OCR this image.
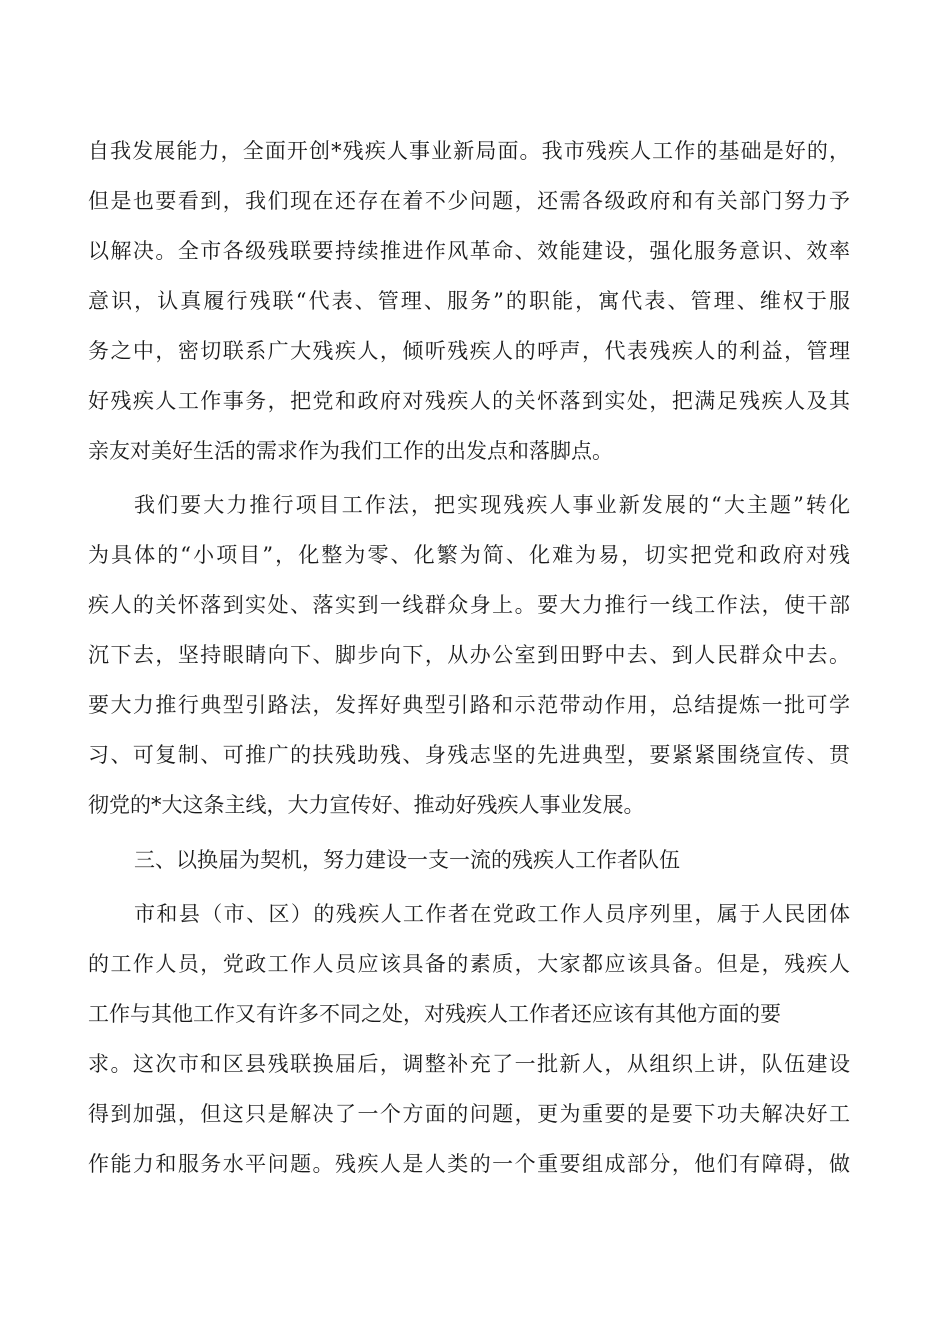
自我发展能力，全面开创*残疾人事业新局面。我市残疾人工作的基础是好的，
但是也要看到，我们现在还存在着不少问题，还需各级政府和有关部门努力予
以解决。全市各级残联要持续推进作风革命、效能建设，强化服务意识、效率
意识，认真履行残联“代表、管理、服务”的职能，寓代表、管理、维权于服
务之中，密切联系广大残疾人，倾听残疾人的呼声，代表残疾人的利益，管理
好残疾人工作事务，把党和政府对残疾人的关怀落到实处，把满足残疾人及其
亲友对美好生活的需求作为我们工作的出发点和落脚点。
我们要大力推行项目工作法，把实现残疾人事业新发展的“大主题”转化
为具体的“小项目”，化整为零、化繁为简、化难为易，切实把党和政府对残
疾人的关怀落到实处、落实到一线群众身上。要大力推行一线工作法，使干部
沉下去，坚持眼睛向下、脚步向下，从办公室到田野中去、到人民群众中去。
要大力推行典型引路法，发挥好典型引路和示范带动作用，总结提炼一批可学
习、可复制、可推广的扶残助残、身残志坚的先进典型，要紧紧围绕宣传、贯
彻党的*大这条主线，大力宣传好、推动好残疾人事业发展。
三、以换届为契机，努力建设一支一流的残疾人工作者队伍
市和县（市、区）的残疾人工作者在党政工作人员序列里，属于人民团体
的工作人员，党政工作人员应该具备的素质，大家都应该具备。但是，残疾人
工作与其他工作又有许多不同之处，对残疾人工作者还应该有其他方面的要
求。这次市和区县残联换届后，调整补充了一批新人，从组织上讲，队伍建设
得到加强，但这只是解决了一个方面的问题，更为重要的是要下功夫解决好工
作能力和服务水平问题。残疾人是人类的一个重要组成部分，他们有障碍，做
